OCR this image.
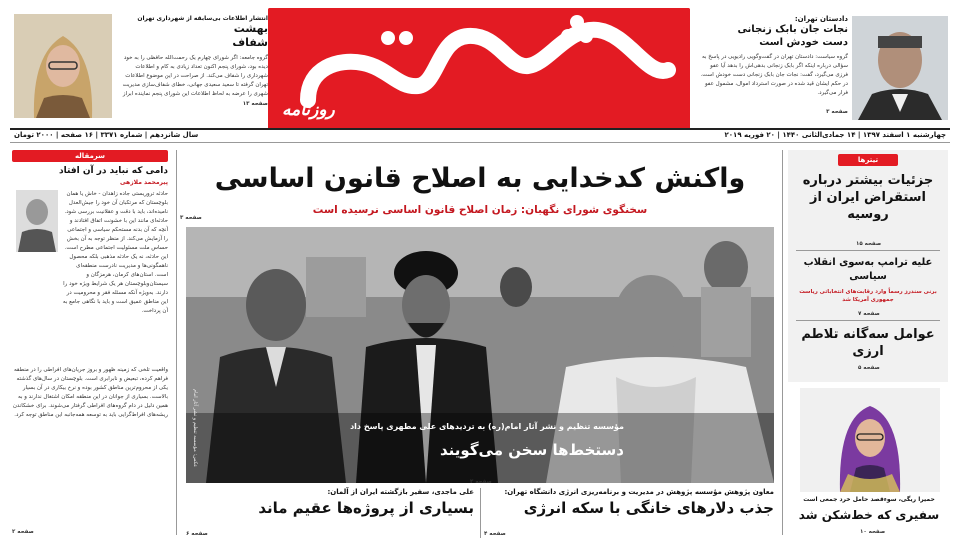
روزنامه
دادستان تهران:
نجات جان بابک زنجانی
دست خودش است
گروه سیاست: دادستان تهران در گفت‌وگویی رادیویی در پاسخ به سؤالی درباره اینکه اگر بابک زنجانی بدهی‌اش را بدهد آیا عفو فرزی می‌گیرد، گفت: نجات جان بابک زنجانی دست خودش است. در حکم ایشان قید شده در صورت استرداد اموال، مشمول عفو فرار می‌گیرد.
صفحه ۳
انتشار اطلاعات بی‌سابقه از شهرداری تهران
بهشت
شفاف
گروه جامعه: اگر شورای چهارم یک رحمت‌الله حافظی را به خود دیده بود، شورای پنجم اکنون تعداد زیادی به کام و اطلاعات شهرداری را شفاف می‌کند. از صراحت در این موضوع اطلاعات تهران گرفته تا سعید سعیدی جهانی، خطای شفاف‌سازی مدیریت شهری را عرضه به لحاظ اطلاعات این شورای پنجم نماینده ابراز
صفحه ۱۳
چهارشنبه ۱ اسفند ۱۳۹۷ | ۱۴ جمادی‌الثانی ۱۴۴۰ | ۲۰ فوریه ۲۰۱۹
سال شانزدهم | شماره ۳۳۷۱ | ۱۶ صفحه | ۲۰۰۰ تومان
واکنش کدخدایی به اصلاح قانون اساسی
سخنگوی شورای نگهبان: زمان اصلاح قانون اساسی نرسیده است
صفحه ۳
عکس: مؤسسه تنظیم و نشر آثار امام	مؤسسه تنظیم و نشر آثار امام(ره) به تردیدهای علی مطهری پاسخ داد
دستخط‌ها سخن می‌گویند
صفحه ۲
معاون پژوهش مؤسسه پژوهش در مدیریت و برنامه‌ریزی انرژی دانشگاه تهران:
جذب دلارهای خانگی با سکه انرژی
صفحه ۴
علی ماجدی، سفیر بازگشته ایران از آلمان:
بسیاری از پروژه‌ها عقیم ماند
صفحه ۶
سرمقاله
دامی که نباید در آن افتاد
پیرمحمد ملازهی
حادثه تروریستی جاده زاهدان - خاش یا همان بلوچستان که مرتکبان آن خود را جیش‌العدل نامیده‌اند، باید با دقت و عقلانیت بررسی شود. حادثه‌ای مانند این با خشونت اتفاق افتادند و آنچه که آن بدنه مستحکم سیاسی و اجتماعی را آزمایش می‌کند. از منظر توجه به آن بخش حساس ملت مسئولیت اجتماعی مطرح است. این حادثه، نه یک حادثه مذهبی بلکه محصول ناهمگونی‌ها و مدیریت نادرست منطقه‌ای است. استان‌های کرمان، هرمزگان و سیستان‌وبلوچستان هر یک شرایط ویژه خود را دارند. به‌ویژه آنکه مسئله فقر و محرومیت در این مناطق عمیق است و باید با نگاهی جامع به آن پرداخت.
واقعیت تلخی که زمینه ظهور و بروز جریان‌های افراطی را در منطقه فراهم کرده، تبعیض و نابرابری است. بلوچستان در سال‌های گذشته یکی از محروم‌ترین مناطق کشور بوده و نرخ بیکاری در آن بسیار بالاست. بسیاری از جوانان در این منطقه امکان اشتغال ندارند و به همین دلیل در دام گروه‌های افراطی گرفتار می‌شوند. برای خشکاندن ریشه‌های افراط‌گرایی باید به توسعه همه‌جانبه این مناطق توجه کرد.
صفحه ۲
تیترها
جزئیات بیشتر درباره استقراض ایران از روسیه
صفحه ۱۵
علیه ترامپ به‌سوی انقلاب سیاسی
برنی سندرز رسماً وارد رقابت‌های انتخاباتی ریاست جمهوری آمریکا شد
صفحه ۷
عوامل سه‌گانه تلاطم ارزی
صفحه ۵
حمیرا ریگی، سوءقصد حامل خرد جمعی است
سفیری که خط‌شکن شد
صفحه ۱۰
